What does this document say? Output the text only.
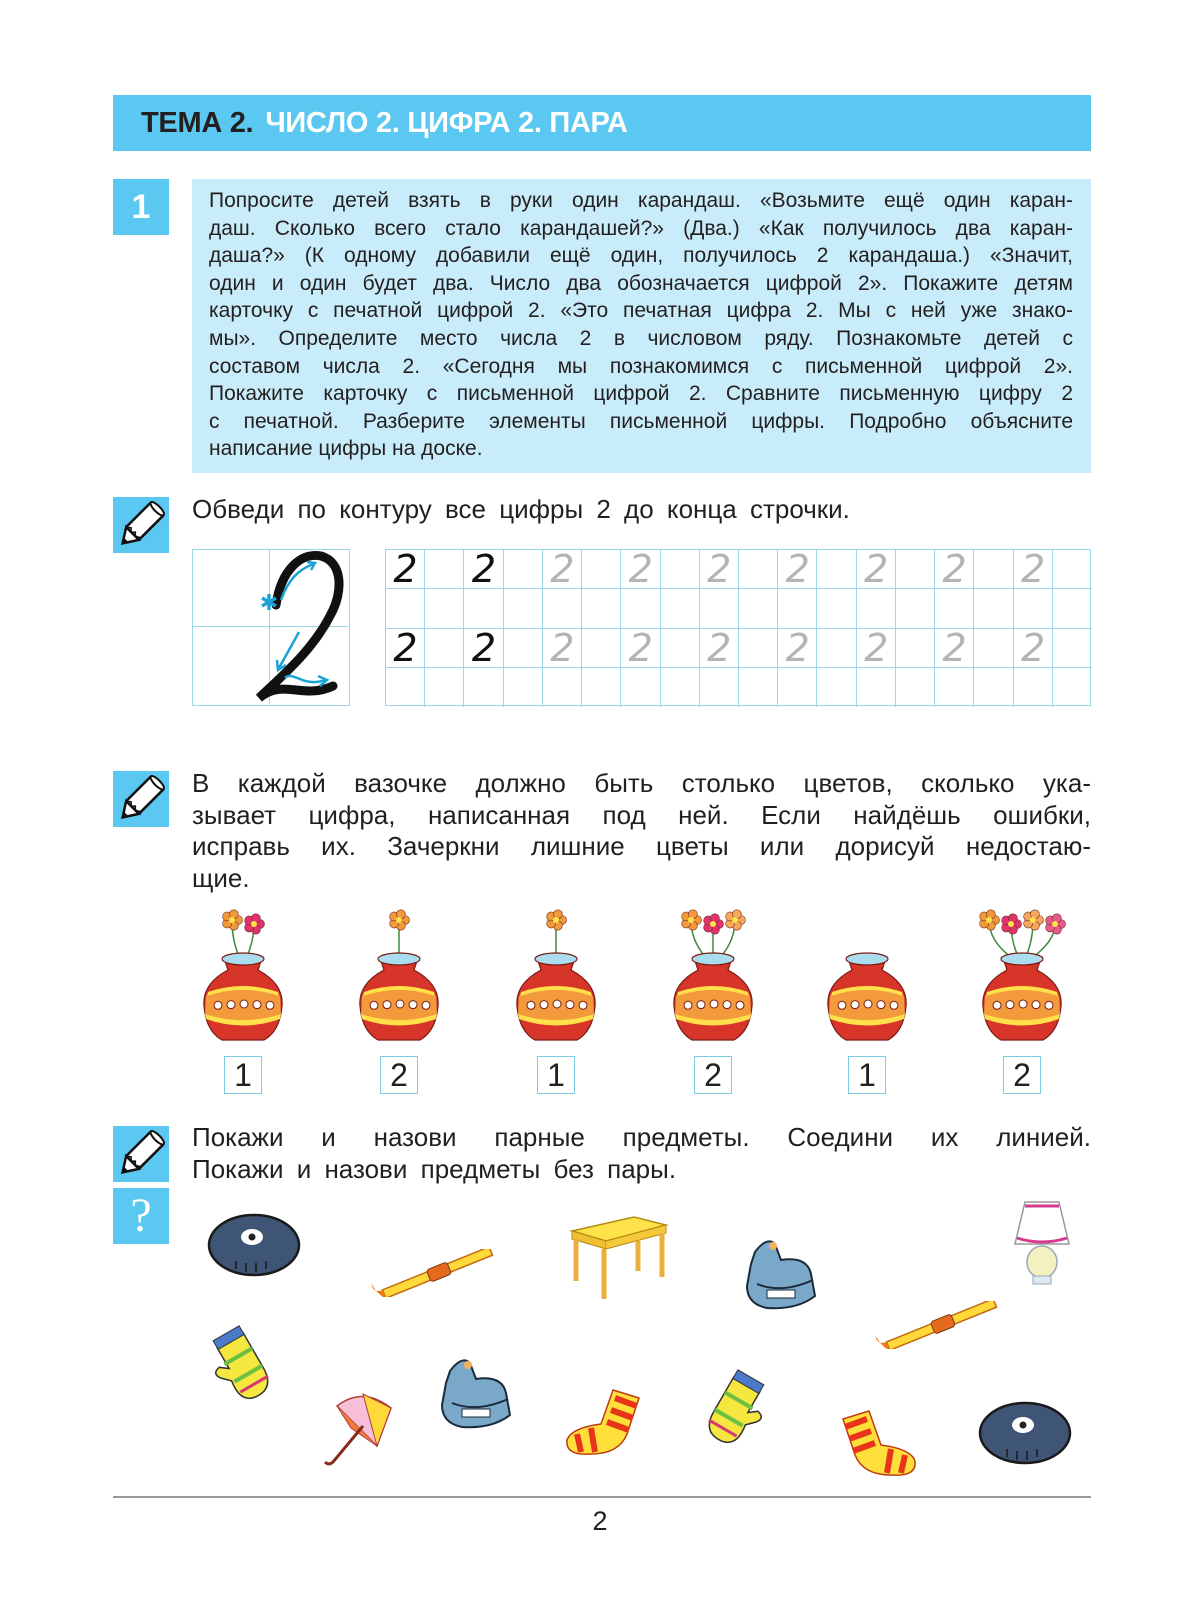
ТЕМА 2. ЧИСЛО 2. ЦИФРА 2. ПАРА
1	Попросите детей взять в руки один карандаш. «Возьмите ещё один каран-
даш. Сколько всего стало карандашей?» (Два.) «Как получилось два каран-
даша?» (К одному добавили ещё один, получилось 2 карандаша.) «Значит,
один и один будет два. Число два обозначается цифрой 2». Покажите детям
карточку с печатной цифрой 2. «Это печатная цифра 2. Мы с ней уже знако-
мы». Определите место числа 2 в числовом ряду. Познакомьте детей с
составом числа 2. «Сегодня мы познакомимся с письменной цифрой 2».
Покажите карточку с письменной цифрой 2. Сравните письменную цифру 2
с печатной. Разберите элементы письменной цифры. Подробно объясните
написание цифры на доске.
Обведи по контуру все цифры 2 до конца строчки.
✱
2 2 2 2 2 2 2 2 2
2 2 2 2 2 2 2 2 2
В каждой вазочке должно быть столько цветов, сколько ука-
зывает цифра, написанная под ней. Если найдёшь ошибки,
исправь их. Зачеркни лишние цветы или дорисуй недостаю-
щие.
1	2	1	2	1	2
?
Покажи и назови парные предметы. Соедини их линией.
Покажи и назови предметы без пары.
2
